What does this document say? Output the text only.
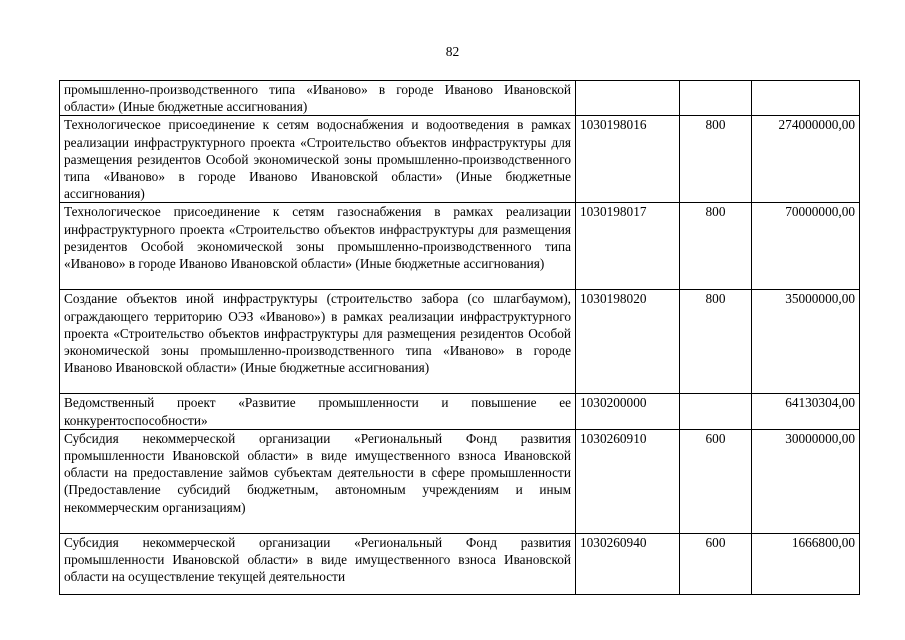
82
промышленно-производственного типа «Иваново» в городе Иваново Ивановской области» (Иные бюджетные ассигнования)			

Технологическое присоединение к сетям водоснабжения и водоотведения в рамках реализации инфраструктурного проекта «Строительство объектов инфраструктуры для размещения резидентов Особой экономической зоны промышленно-производственного типа «Иваново» в городе Иваново Ивановской области» (Иные бюджетные ассигнования)	1030198016	800	274000000,00

Технологическое присоединение к сетям газоснабжения в рамках реализации инфраструктурного проекта «Строительство объектов инфраструктуры для размещения резидентов Особой экономической зоны промышленно-производственного типа «Иваново» в городе Иваново Ивановской области» (Иные бюджетные ассигнования)	1030198017	800	70000000,00

Создание объектов иной инфраструктуры (строительство забора (со шлагбаумом), ограждающего территорию ОЭЗ «Иваново») в рамках реализации инфраструктурного проекта «Строительство объектов инфраструктуры для размещения резидентов Особой экономической зоны промышленно-производственного типа «Иваново» в городе Иваново Ивановской области» (Иные бюджетные ассигнования)	1030198020	800	35000000,00

Ведомственный проект «Развитие промышленности и повышение ее конкурентоспособности»	1030200000		64130304,00

Субсидия некоммерческой организации «Региональный Фонд развития промышленности Ивановской области» в виде имущественного взноса Ивановской области на предоставление займов субъектам деятельности в сфере промышленности (Предоставление субсидий бюджетным, автономным учреждениям и иным некоммерческим организациям)	1030260910	600	30000000,00

Субсидия некоммерческой организации «Региональный Фонд развития промышленности Ивановской области» в виде имущественного взноса Ивановской области на осуществление текущей деятельности	1030260940	600	1666800,00
